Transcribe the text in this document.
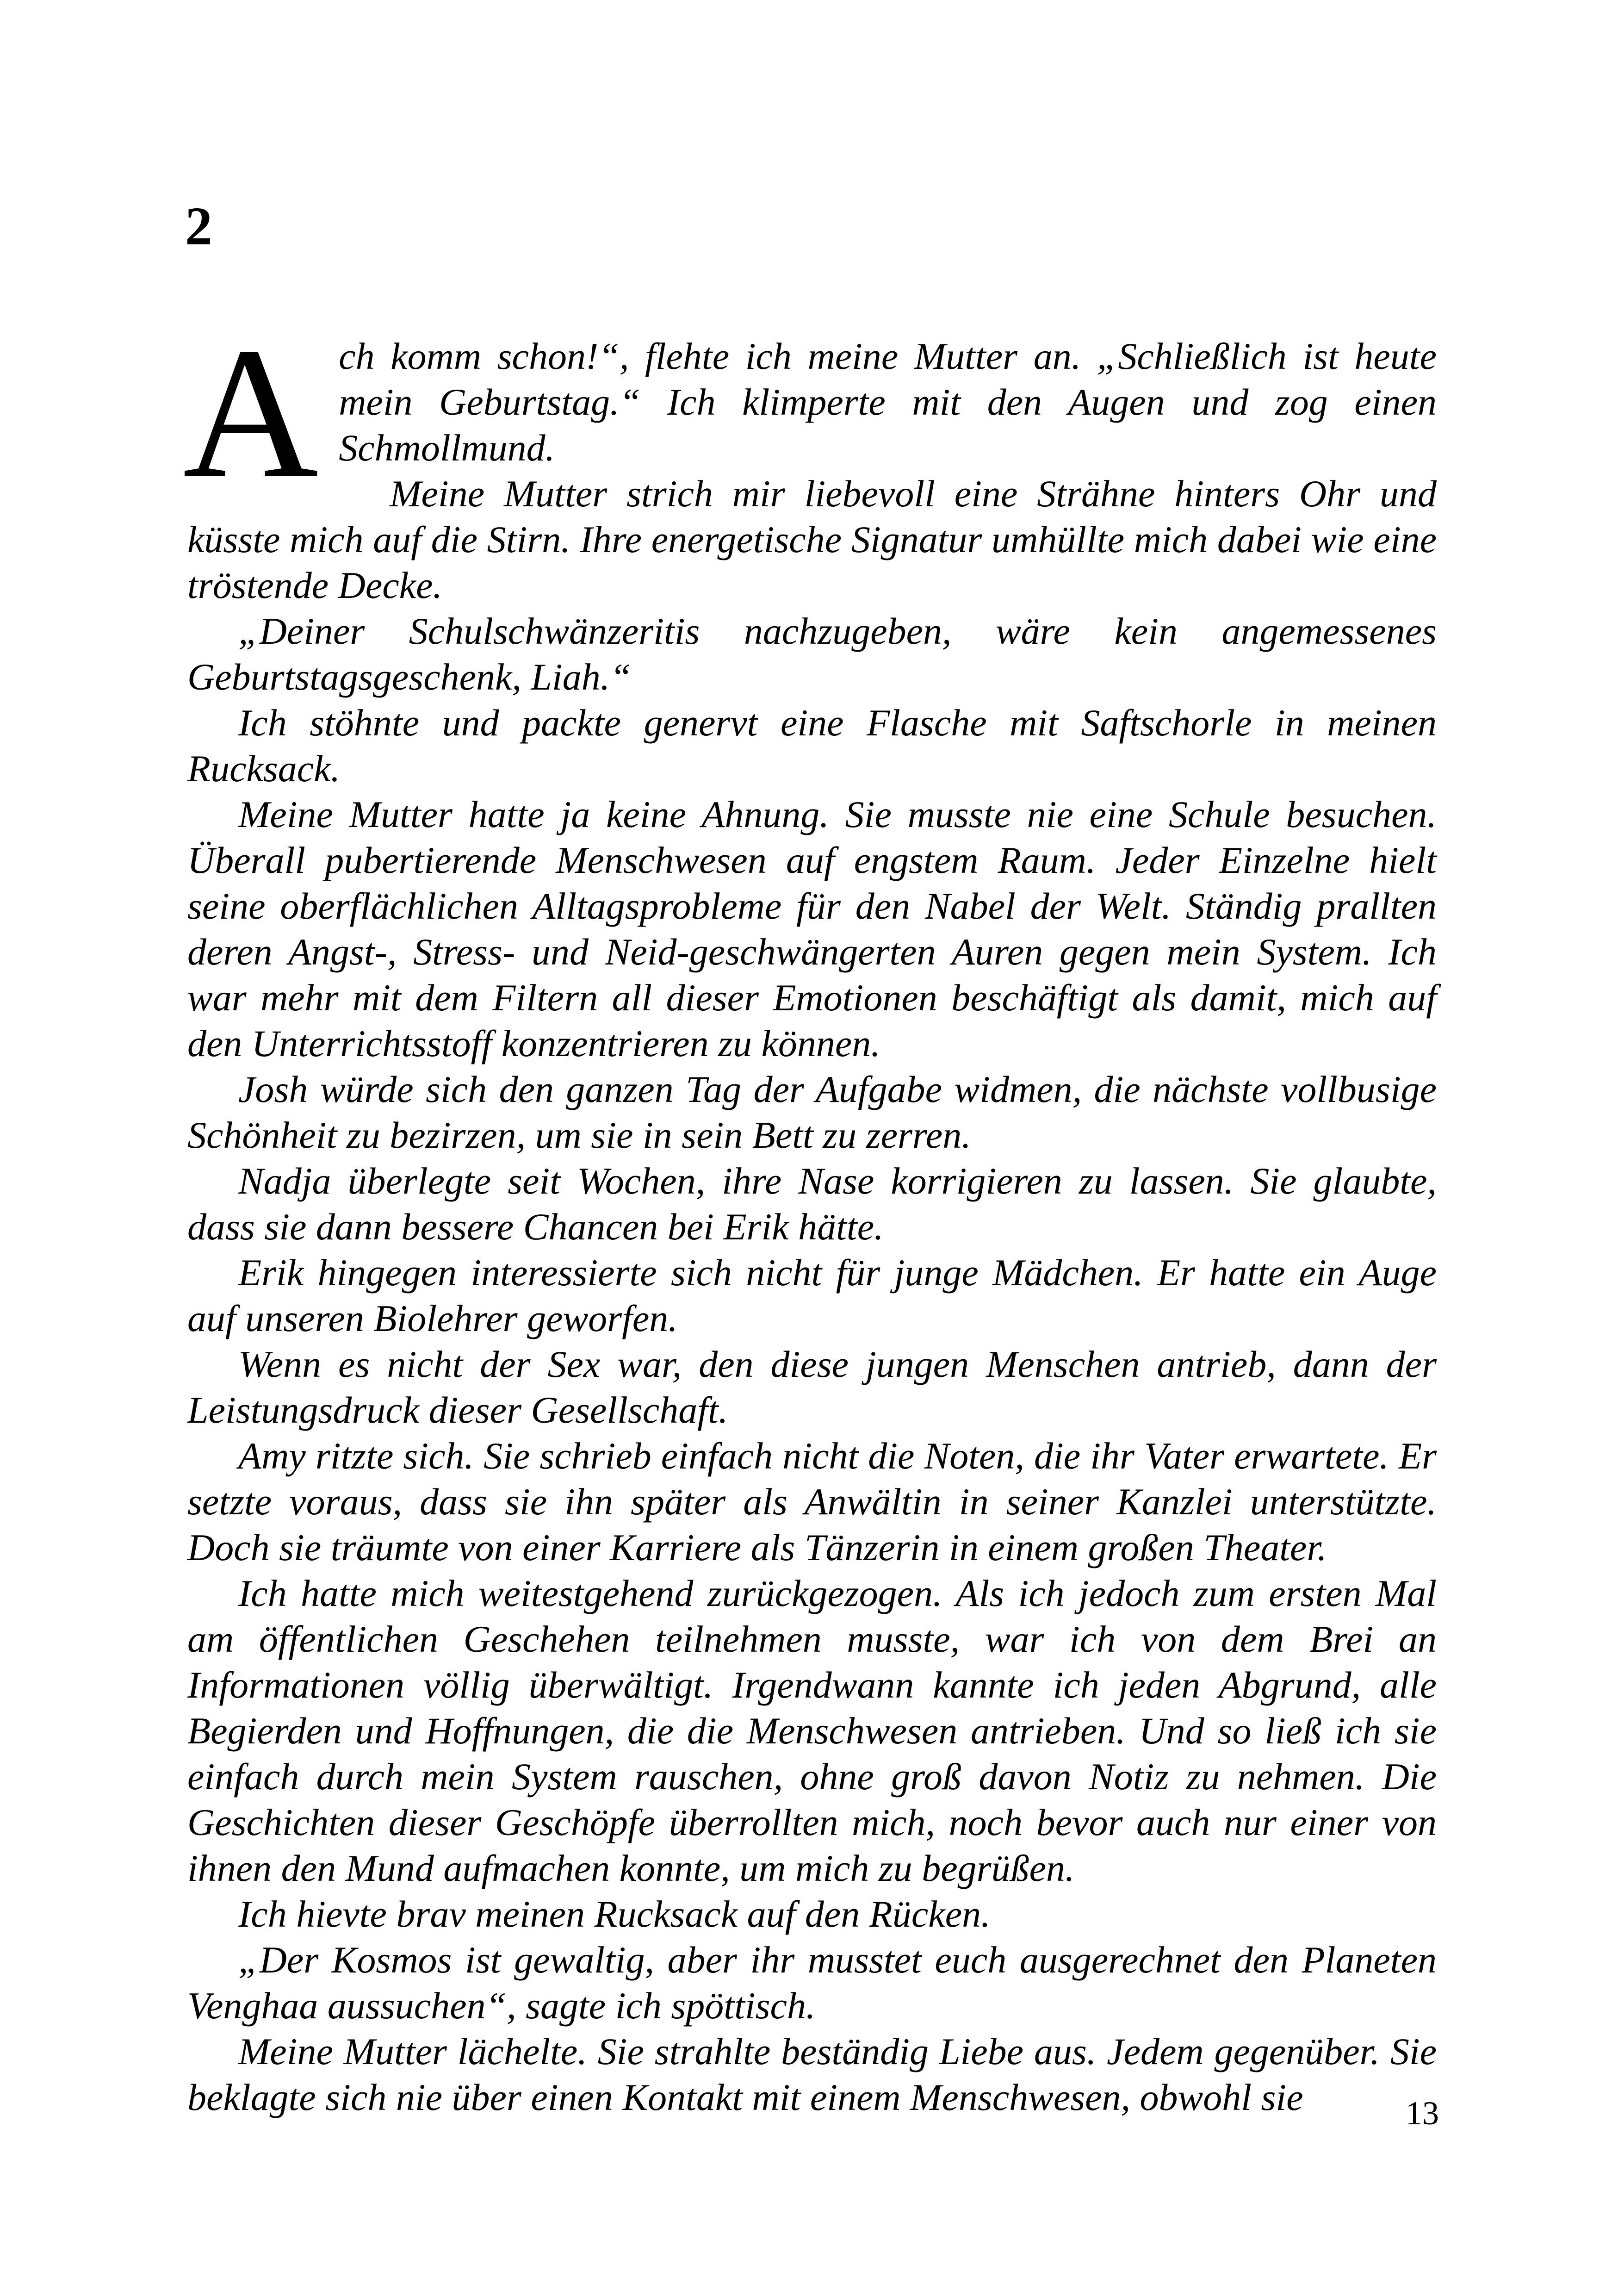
2

Ach komm schon!“, flehte ich meine Mutter an. „Schließlich ist heute mein Geburtstag.“ Ich klimperte mit den Augen und zog einen Schmollmund.

Meine Mutter strich mir liebevoll eine Strähne hinters Ohr und küsste mich auf die Stirn. Ihre energetische Signatur umhüllte mich dabei wie eine tröstende Decke.

„Deiner Schulschwänzeritis nachzugeben, wäre kein angemessenes Geburtstagsgeschenk, Liah.“

Ich stöhnte und packte genervt eine Flasche mit Saftschorle in meinen Rucksack.

Meine Mutter hatte ja keine Ahnung. Sie musste nie eine Schule besuchen. Überall pubertierende Menschwesen auf engstem Raum. Jeder Einzelne hielt seine oberflächlichen Alltagsprobleme für den Nabel der Welt. Ständig prallten deren Angst-, Stress- und Neid-geschwängerten Auren gegen mein System. Ich war mehr mit dem Filtern all dieser Emotionen beschäftigt als damit, mich auf den Unterrichtsstoff konzentrieren zu können.

Josh würde sich den ganzen Tag der Aufgabe widmen, die nächste vollbusige Schönheit zu bezirzen, um sie in sein Bett zu zerren.

Nadja überlegte seit Wochen, ihre Nase korrigieren zu lassen. Sie glaubte, dass sie dann bessere Chancen bei Erik hätte.

Erik hingegen interessierte sich nicht für junge Mädchen. Er hatte ein Auge auf unseren Biolehrer geworfen.

Wenn es nicht der Sex war, den diese jungen Menschen antrieb, dann der Leistungsdruck dieser Gesellschaft.

Amy ritzte sich. Sie schrieb einfach nicht die Noten, die ihr Vater erwartete. Er setzte voraus, dass sie ihn später als Anwältin in seiner Kanzlei unterstützte. Doch sie träumte von einer Karriere als Tänzerin in einem großen Theater.

Ich hatte mich weitestgehend zurückgezogen. Als ich jedoch zum ersten Mal am öffentlichen Geschehen teilnehmen musste, war ich von dem Brei an Informationen völlig überwältigt. Irgendwann kannte ich jeden Abgrund, alle Begierden und Hoffnungen, die die Menschwesen antrieben. Und so ließ ich sie einfach durch mein System rauschen, ohne groß davon Notiz zu nehmen. Die Geschichten dieser Geschöpfe überrollten mich, noch bevor auch nur einer von ihnen den Mund aufmachen konnte, um mich zu begrüßen.

Ich hievte brav meinen Rucksack auf den Rücken.

„Der Kosmos ist gewaltig, aber ihr musstet euch ausgerechnet den Planeten Venghaa aussuchen“, sagte ich spöttisch.

Meine Mutter lächelte. Sie strahlte beständig Liebe aus. Jedem gegenüber. Sie beklagte sich nie über einen Kontakt mit einem Menschwesen, obwohl sie	13
